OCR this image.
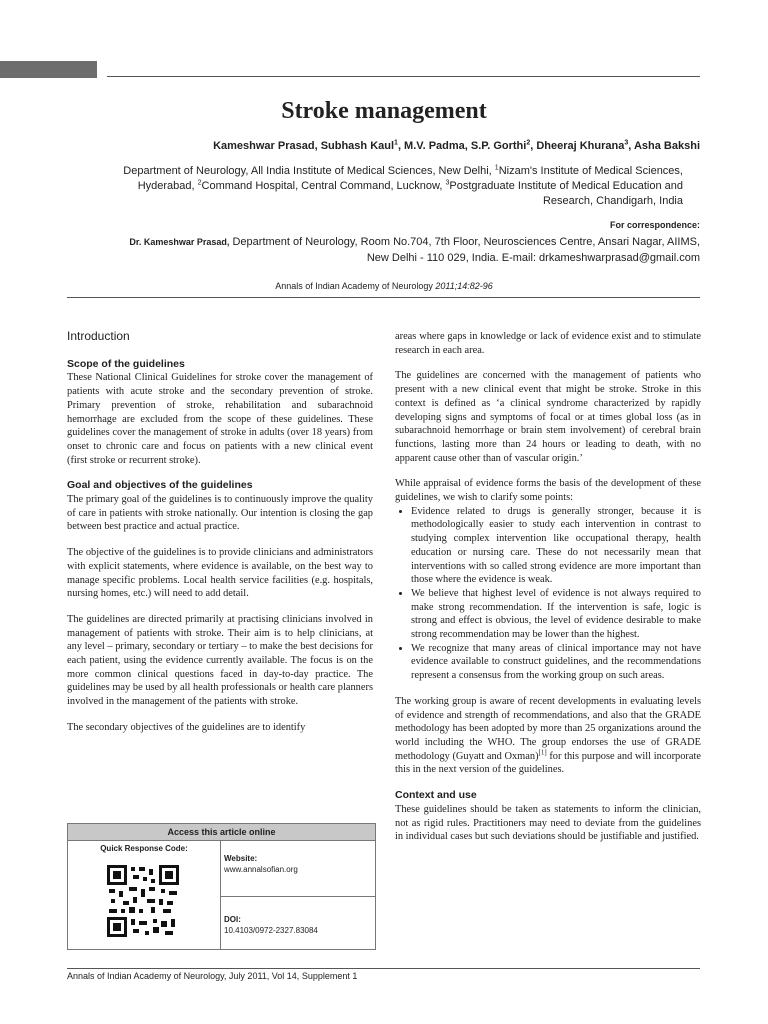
Stroke management
Kameshwar Prasad, Subhash Kaul$^1$, M.V. Padma, S.P. Gorthi$^2$, Dheeraj Khurana$^3$, Asha Bakshi
Department of Neurology, All India Institute of Medical Sciences, New Delhi, $^1$Nizam's Institute of Medical Sciences,
Hyderabad, $^2$Command Hospital, Central Command, Lucknow, $^3$Postgraduate Institute of Medical Education and
Research, Chandigarh, India
For correspondence:
Dr. Kameshwar Prasad, Department of Neurology, Room No.704, 7th Floor, Neurosciences Centre, Ansari Nagar, AIIMS,
New Delhi - 110 029, India. E-mail: drkameshwarprasad@gmail.com
Annals of Indian Academy of Neurology 2011;14:82-96
Introduction
Scope of the guidelines

These National Clinical Guidelines for stroke cover the management of patients with acute stroke and the secondary prevention of stroke. Primary prevention of stroke, rehabilitation and subarachnoid hemorrhage are excluded from the scope of these guidelines. These guidelines cover the management of stroke in adults (over 18 years) from onset to chronic care and focus on patients with a new clinical event (first stroke or recurrent stroke).

Goal and objectives of the guidelines

The primary goal of the guidelines is to continuously improve the quality of care in patients with stroke nationally. Our intention is closing the gap between best practice and actual practice.

The objective of the guidelines is to provide clinicians and administrators with explicit statements, where evidence is available, on the best way to manage specific problems. Local health service facilities (e.g. hospitals, nursing homes, etc.) will need to add detail.

The guidelines are directed primarily at practising clinicians involved in management of patients with stroke. Their aim is to help clinicians, at any level – primary, secondary or tertiary – to make the best decisions for each patient, using the evidence currently available. The focus is on the more common clinical questions faced in day-to-day practice. The guidelines may be used by all health professionals or health care planners involved in the management of the patients with stroke.

The secondary objectives of the guidelines are to identify

areas where gaps in knowledge or lack of evidence exist and to stimulate research in each area.

The guidelines are concerned with the management of patients who present with a new clinical event that might be stroke. Stroke in this context is defined as ‘a clinical syndrome characterized by rapidly developing signs and symptoms of focal or at times global loss (as in subarachnoid hemorrhage or brain stem involvement) of cerebral brain functions, lasting more than 24 hours or leading to death, with no apparent cause other than of vascular origin.’

While appraisal of evidence forms the basis of the development of these guidelines, we wish to clarify some points:

• Evidence related to drugs is generally stronger, because it is methodologically easier to study each intervention in contrast to studying complex intervention like occupational therapy, health education or nursing care. These do not necessarily mean that interventions with so called strong evidence are more important than those where the evidence is weak.
• We believe that highest level of evidence is not always required to make strong recommendation. If the intervention is safe, logic is strong and effect is obvious, the level of evidence desirable to make strong recommendation may be lower than the highest.
• We recognize that many areas of clinical importance may not have evidence available to construct guidelines, and the recommendations represent a consensus from the working group on such areas.

The working group is aware of recent developments in evaluating levels of evidence and strength of recommendations, and also that the GRADE methodology has been adopted by more than 25 organizations around the world including the WHO. The group endorses the use of GRADE methodology (Guyatt and Oxman)[1] for this purpose and will incorporate this in the next version of the guidelines.

Context and use

These guidelines should be taken as statements to inform the clinician, not as rigid rules. Practitioners may need to deviate from the guidelines in individual cases but such deviations should be justifiable and justified.

Access this article online
Quick Response Code:
Website:
www.annalsofian.org
DOI:
10.4103/0972-2327.83084
Annals of Indian Academy of Neurology, July 2011, Vol 14, Supplement 1
